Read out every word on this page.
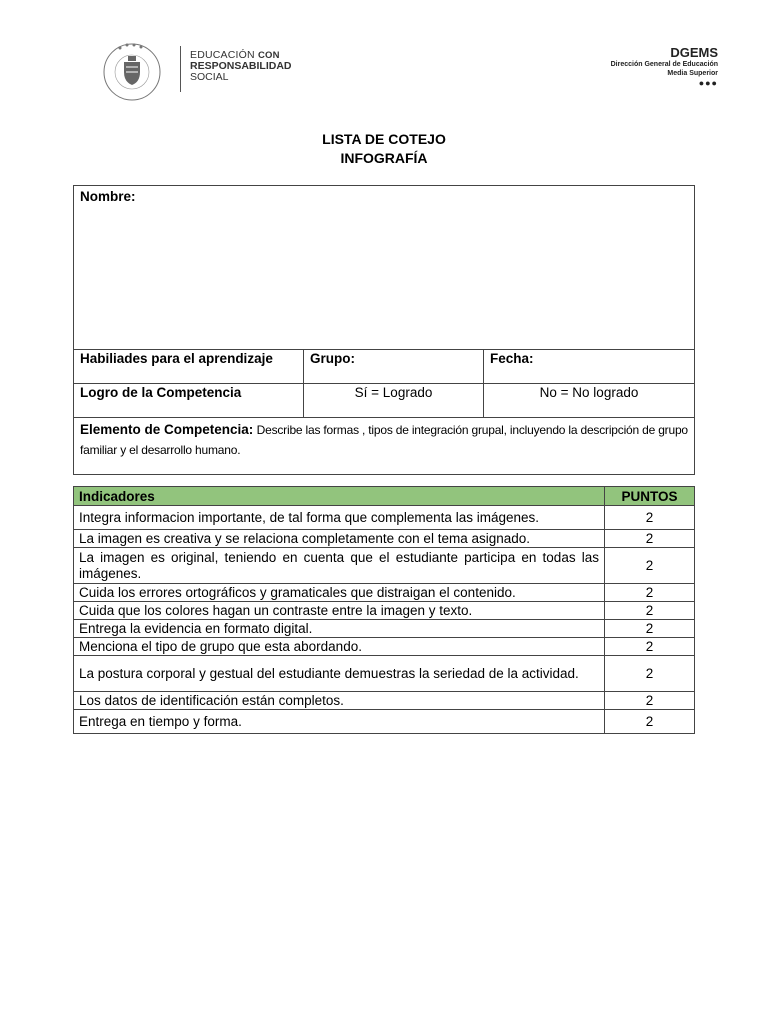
EDUCACIÓN CON
RESPONSABILIDAD
SOCIAL
DGEMS
Dirección General de Educación
Media Superior
●●●
LISTA DE COTEJO
INFOGRAFÍA
Nombre:		
Habiliades para el aprendizaje	Grupo:	Fecha:
Logro de la Competencia	Sí = Logrado	No = No logrado
Elemento de Competencia: Describe las formas , tipos de integración grupal, incluyendo la descripción de grupo familiar y el desarrollo humano.		
Indicadores	PUNTOS
Integra informacion importante, de tal forma que complementa las imágenes.	2
La imagen es creativa y se relaciona completamente con el tema asignado.	2
La imagen es original, teniendo en cuenta que el estudiante participa en todas las imágenes.	2
Cuida los errores ortográficos y gramaticales que distraigan el contenido.	2
Cuida que los colores hagan un contraste entre la imagen y texto.	2
Entrega la evidencia en formato digital.	2
Menciona el tipo de grupo que esta abordando.	2
La postura corporal y gestual del estudiante demuestras la seriedad de la actividad.	2
Los datos de identificación están completos.	2
Entrega en tiempo y forma.	2
